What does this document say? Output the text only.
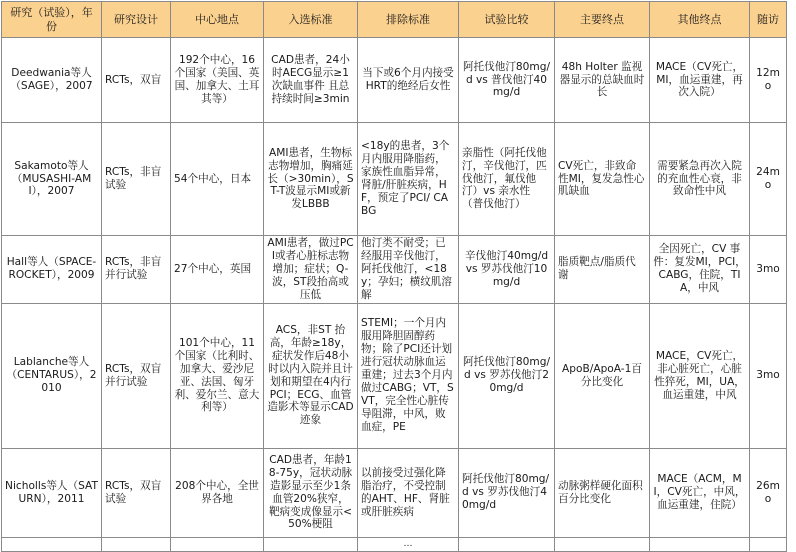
研究（试验），年份	研究设计	中心地点	入选标准	排除标准	试验比较	主要终点	其他终点	随访
Deedwania等人（SAGE），2007	RCTs，双盲	192个中心，16个国家（美国、英国、加拿大、土耳其等）	CAD患者，24小时AECG显示≥1次缺血事件 且总持续时间≥3min	当下或6个月内接受HRT的绝经后女性	阿托伐他汀80mg/d vs 普伐他汀40mg/d	48h Holter 监视器显示的总缺血时长	MACE（CV死亡，MI，血运重建，再次入院）	12mo
Sakamoto等人（MUSASHI-AMI），2007	RCTs，非盲试验	54个中心，日本	AMI患者，生物标志物增加，胸痛延长（>30min），ST-T波显示MI或新发LBBB	<18y的患者，3个月内服用降脂药，家族性血脂异常，肾脏/肝脏疾病，HF，预定了PCI/ CABG	亲脂性（阿托伐他汀，辛伐他汀，匹伐他汀，氟伐他汀）vs 亲水性（普伐他汀）	CV死亡，非致命性MI，复发急性心肌缺血	需要紧急再次入院的充血性心衰，非致命性中风	24mo
Hall等人（SPACE-ROCKET），2009	RCTs，非盲并行试验	27个中心，英国	AMI患者，做过PCI或者心脏标志物增加；症状；Q-波，ST段抬高或压低	他汀类不耐受；已经服用辛伐他汀，阿托伐他汀，<18y；孕妇；横纹肌溶解	辛伐他汀40mg/d vs 罗苏伐他汀10mg/d	脂质靶点/脂质代谢	全因死亡，CV 事件：复发MI，PCI，CABG，住院，TIA，中风	3mo
Lablanche等人（CENTARUS），2010	RCTs，双盲并行试验	101个中心，11个国家（比利时、加拿大、爱沙尼亚、法国、匈牙利、爱尔兰、意大利等）	ACS，非ST 抬高，年龄≥18y，症状发作后48小时以内入院并且计划和期望在4内行PCI；ECG、血管造影术等显示CAD迹象	STEMI；一个月内服用降胆固醇药物；除了PCI还计划进行冠状动脉血运重建；过去3个月内做过CABG；VT，SVT，完全性心脏传导阻滞，中风，败血症，PE	阿托伐他汀80mg/d vs 罗苏伐他汀20mg/d	ApoB/ApoA-1百分比变化	MACE，CV死亡，非心脏死亡，心脏性猝死，MI，UA，血运重建，中风	3mo
Nicholls等人（SATURN），2011	RCTs，双盲试验	208个中心，全世界各地	CAD患者，年龄18-75y，冠状动脉造影显示至少1条血管20%狭窄，靶病变成像显示<50%梗阻	以前接受过强化降脂治疗，不受控制的AHT、HF、肾脏或肝脏疾病	阿托伐他汀80mg/d vs 罗苏伐他汀40mg/d	动脉粥样硬化面积百分比变化	MACE（ACM，MI，CV死亡，中风，血运重建，住院）	26mo
				…				
